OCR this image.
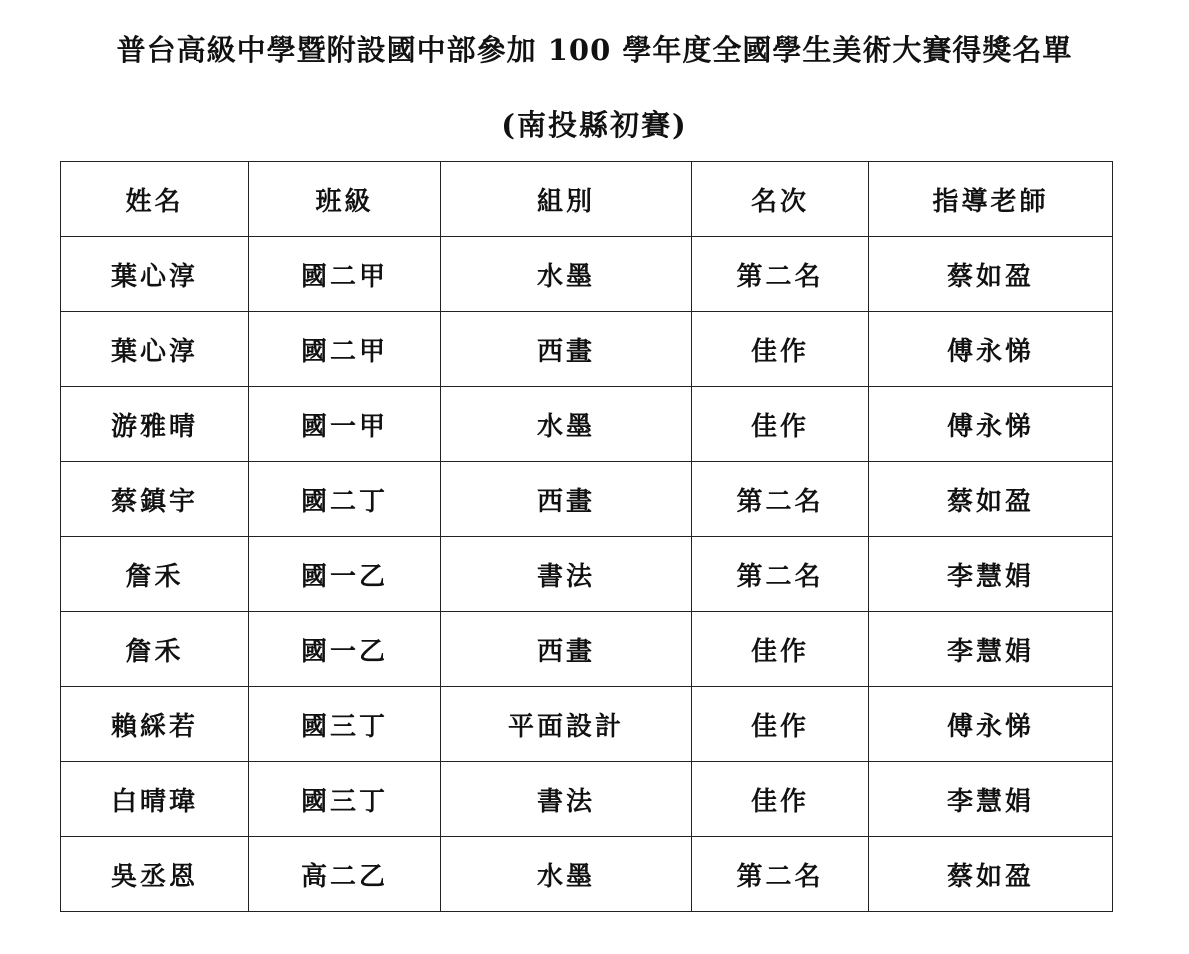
普台高級中學暨附設國中部參加 100 學年度全國學生美術大賽得獎名單
(南投縣初賽)
姓名	班級	組別	名次	指導老師
葉心淳	國二甲	水墨	第二名	蔡如盈
葉心淳	國二甲	西畫	佳作	傅永悌
游雅晴	國一甲	水墨	佳作	傅永悌
蔡鎮宇	國二丁	西畫	第二名	蔡如盈
詹禾	國一乙	書法	第二名	李慧娟
詹禾	國一乙	西畫	佳作	李慧娟
賴綵若	國三丁	平面設計	佳作	傅永悌
白晴瑋	國三丁	書法	佳作	李慧娟
吳丞恩	高二乙	水墨	第二名	蔡如盈
